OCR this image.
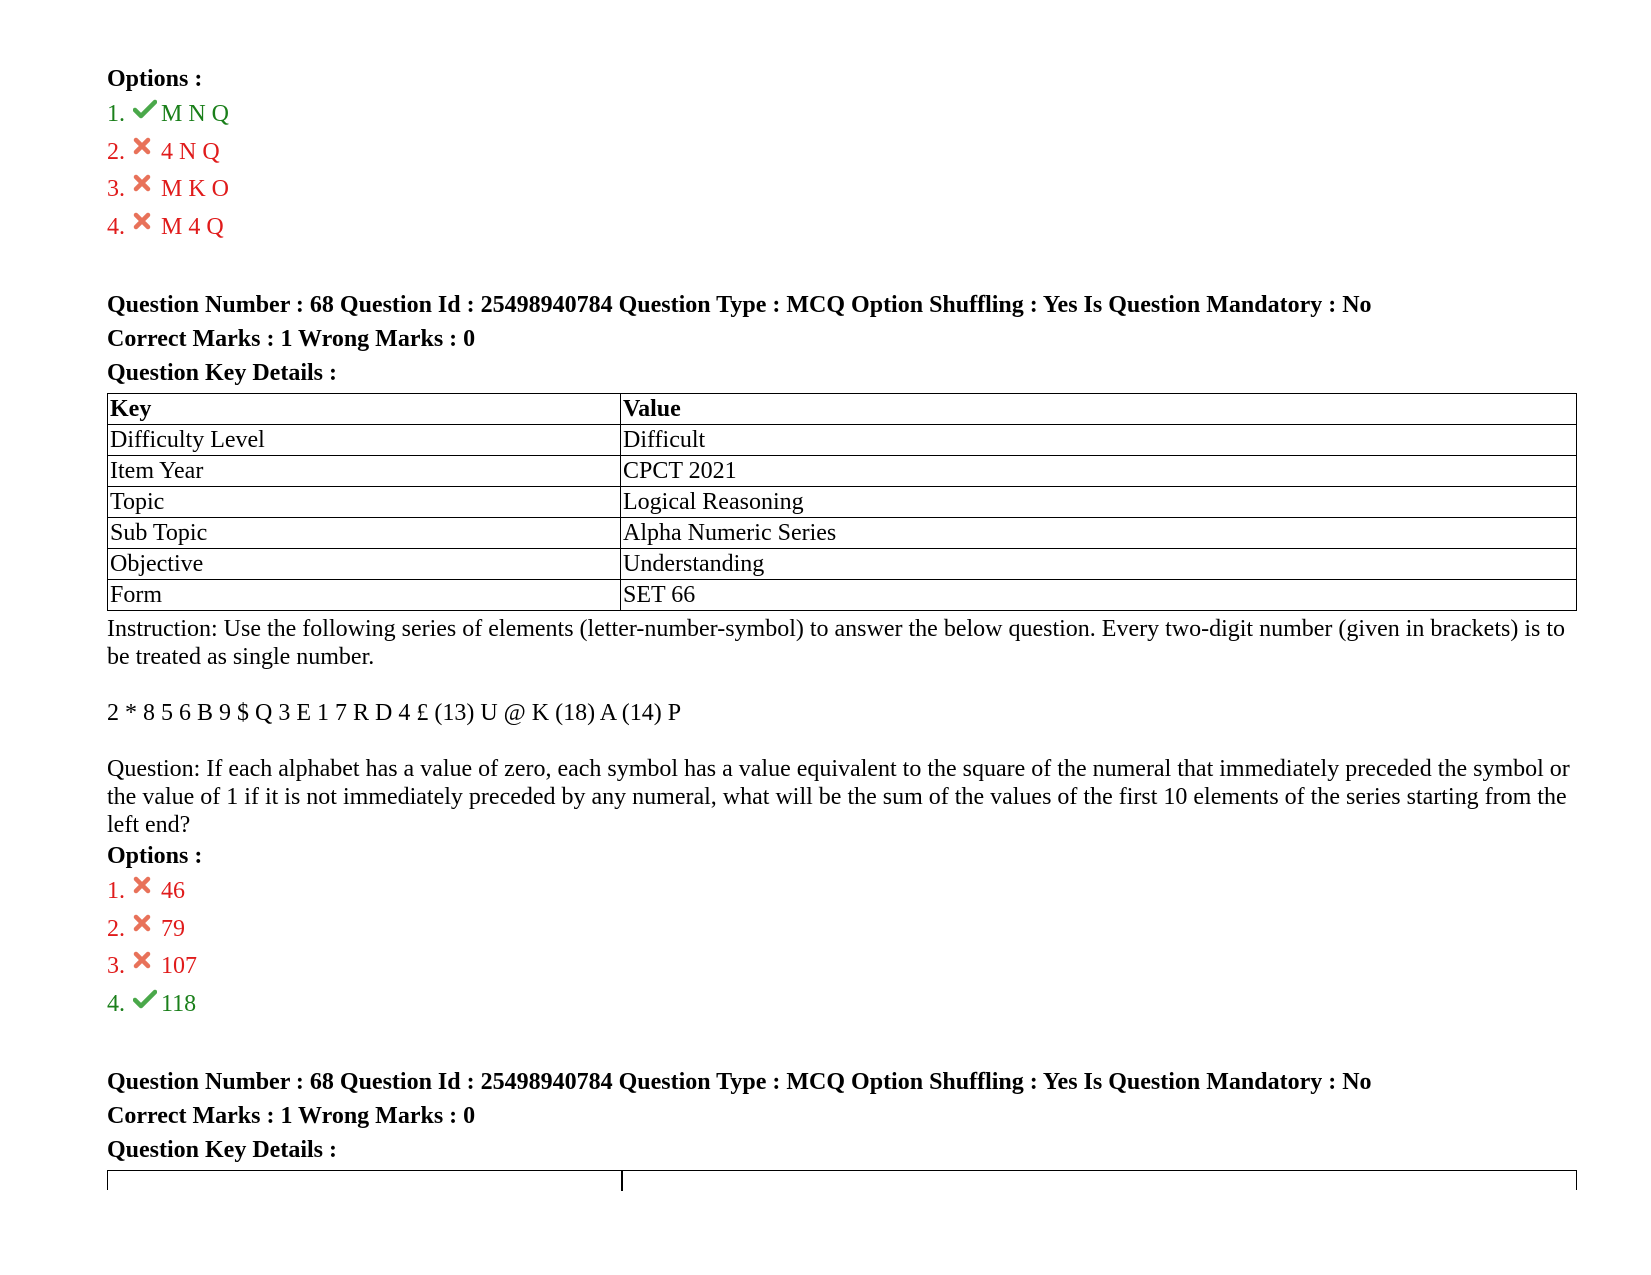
Options :
1. M N Q
2. 4 N Q
3. M K O
4. M 4 Q
Question Number : 68 Question Id : 25498940784 Question Type : MCQ Option Shuffling : Yes Is Question Mandatory : No
Correct Marks : 1 Wrong Marks : 0
Question Key Details :
Key	Value
Difficulty Level	Difficult
Item Year	CPCT 2021
Topic	Logical Reasoning
Sub Topic	Alpha Numeric Series
Objective	Understanding
Form	SET 66

Instruction: Use the following series of elements (letter-number-symbol) to answer the below question. Every two-digit number (given in brackets) is to be treated as single number.

2 * 8 5 6 B 9 $ Q 3 E 1 7 R D 4 £ (13) U @ K (18) A (14) P

Question: If each alphabet has a value of zero, each symbol has a value equivalent to the square of the numeral that immediately preceded the symbol or the value of 1 if it is not immediately preceded by any numeral, what will be the sum of the values of the first 10 elements of the series starting from the left end?

Options :
1. 46
2. 79
3. 107
4. 118
Question Number : 68 Question Id : 25498940784 Question Type : MCQ Option Shuffling : Yes Is Question Mandatory : No
Correct Marks : 1 Wrong Marks : 0
Question Key Details :
